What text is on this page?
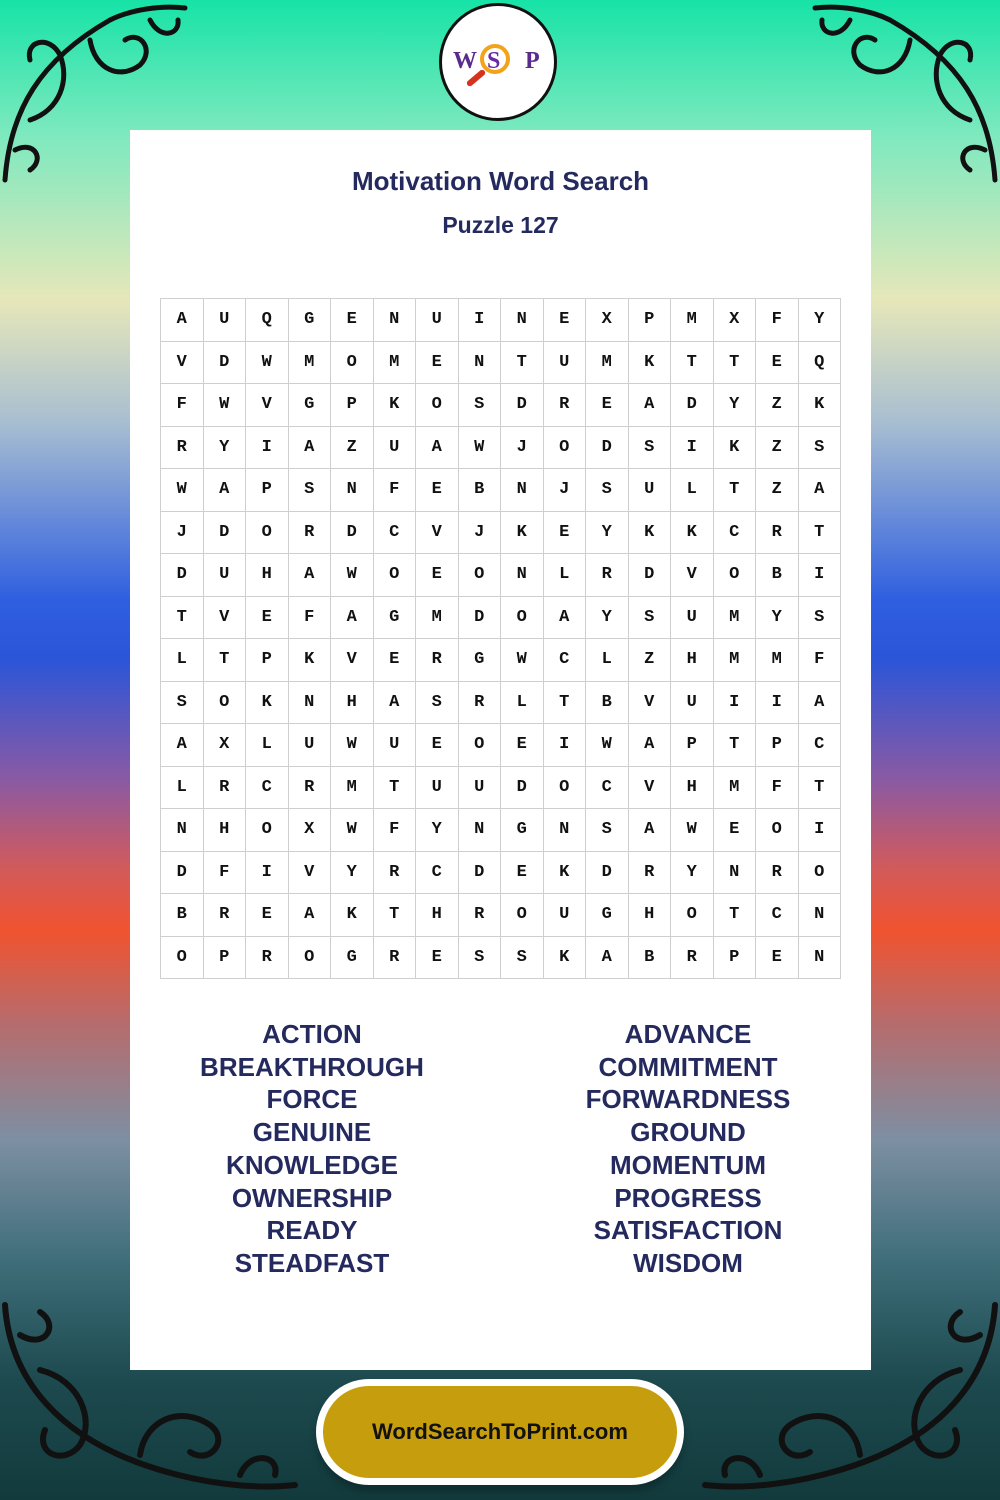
W S P
Motivation Word Search
Puzzle 127
A	U	Q	G	E	N	U	I	N	E	X	P	M	X	F	Y
V	D	W	M	O	M	E	N	T	U	M	K	T	T	E	Q
F	W	V	G	P	K	O	S	D	R	E	A	D	Y	Z	K
R	Y	I	A	Z	U	A	W	J	O	D	S	I	K	Z	S
W	A	P	S	N	F	E	B	N	J	S	U	L	T	Z	A
J	D	O	R	D	C	V	J	K	E	Y	K	K	C	R	T
D	U	H	A	W	O	E	O	N	L	R	D	V	O	B	I
T	V	E	F	A	G	M	D	O	A	Y	S	U	M	Y	S
L	T	P	K	V	E	R	G	W	C	L	Z	H	M	M	F
S	O	K	N	H	A	S	R	L	T	B	V	U	I	I	A
A	X	L	U	W	U	E	O	E	I	W	A	P	T	P	C
L	R	C	R	M	T	U	U	D	O	C	V	H	M	F	T
N	H	O	X	W	F	Y	N	G	N	S	A	W	E	O	I
D	F	I	V	Y	R	C	D	E	K	D	R	Y	N	R	O
B	R	E	A	K	T	H	R	O	U	G	H	O	T	C	N
O	P	R	O	G	R	E	S	S	K	A	B	R	P	E	N
ACTION
BREAKTHROUGH
FORCE
GENUINE
KNOWLEDGE
OWNERSHIP
READY
STEADFAST
ADVANCE
COMMITMENT
FORWARDNESS
GROUND
MOMENTUM
PROGRESS
SATISFACTION
WISDOM
WordSearchToPrint.com
